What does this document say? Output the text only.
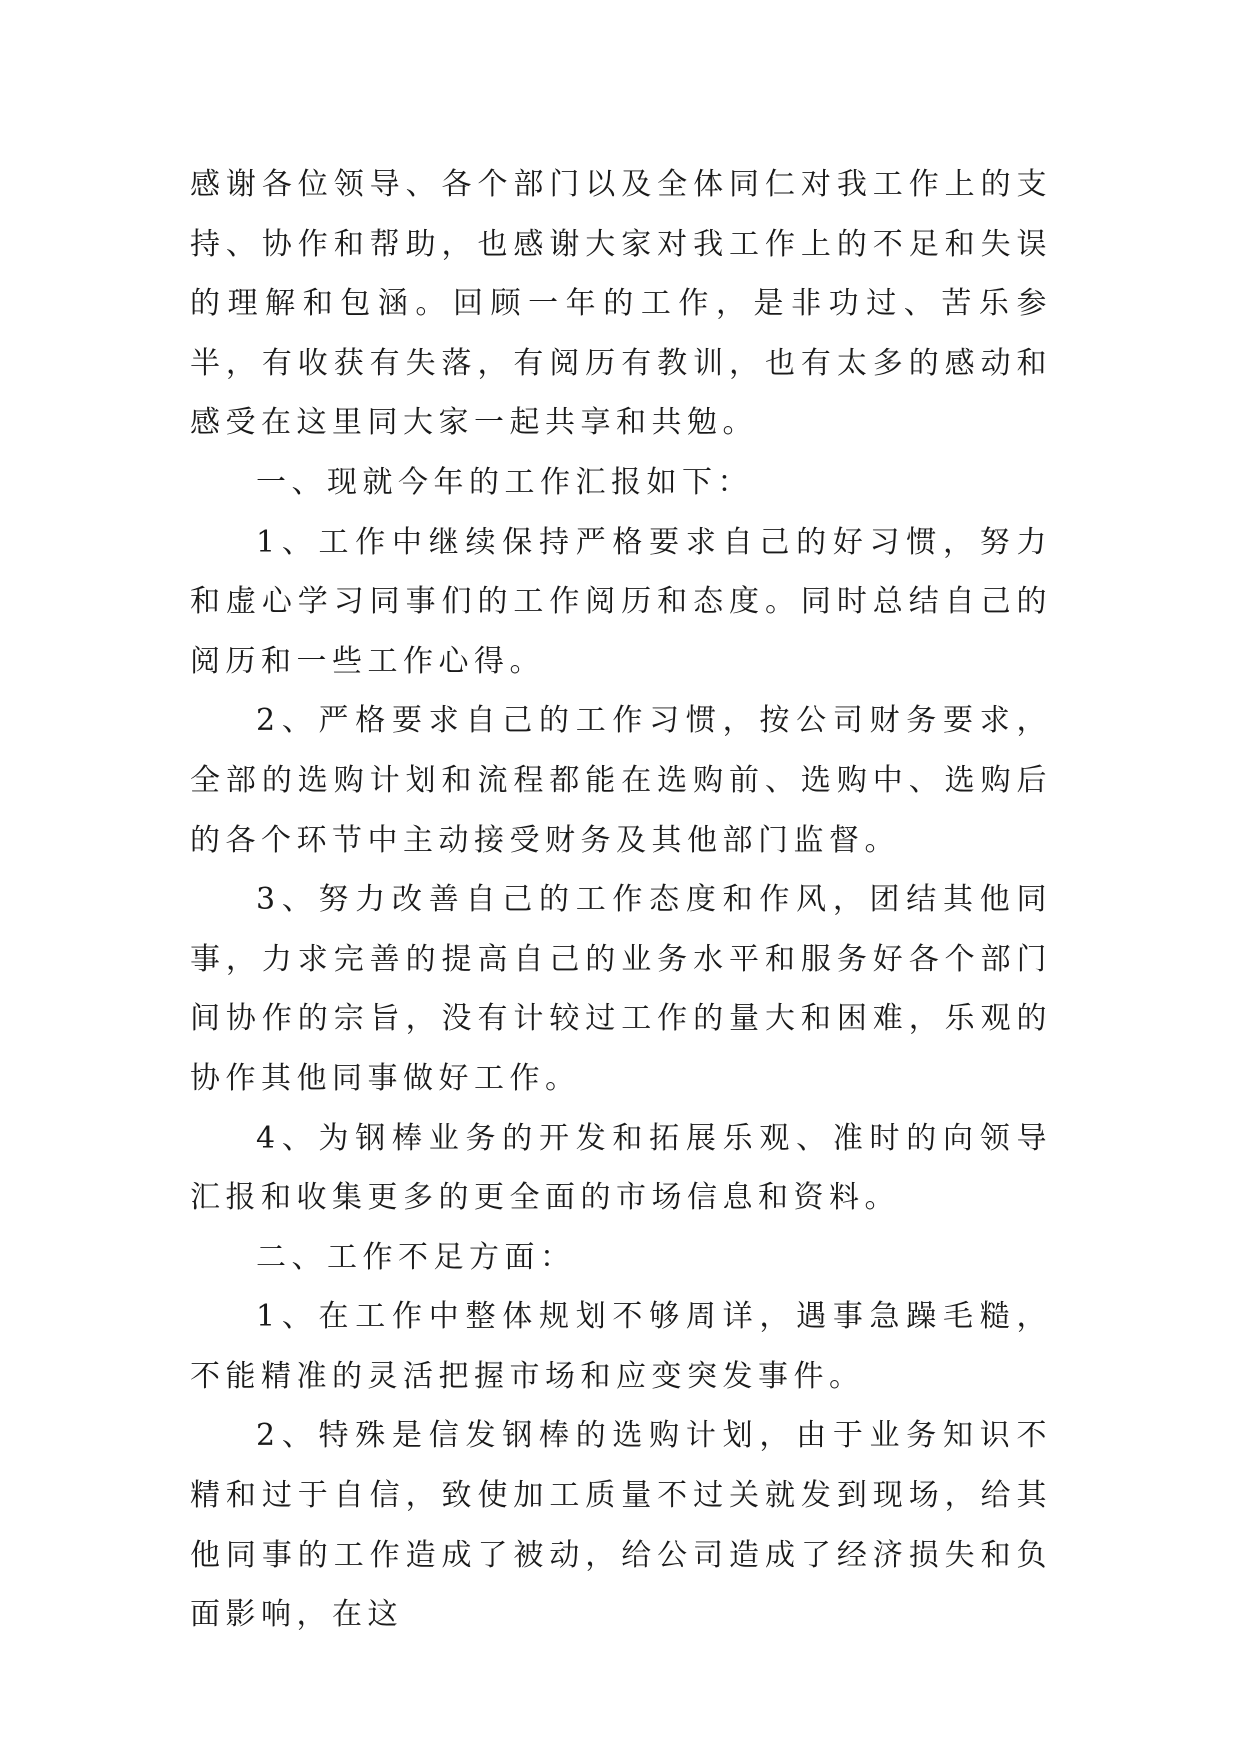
感谢各位领导、各个部门以及全体同仁对我工作上的支持、协作和帮助，也感谢大家对我工作上的不足和失误的理解和包涵。回顾一年的工作，是非功过、苦乐参半，有收获有失落，有阅历有教训，也有太多的感动和感受在这里同大家一起共享和共勉。

一、现就今年的工作汇报如下：

1、工作中继续保持严格要求自己的好习惯，努力和虚心学习同事们的工作阅历和态度。同时总结自己的阅历和一些工作心得。

2、严格要求自己的工作习惯，按公司财务要求，全部的选购计划和流程都能在选购前、选购中、选购后的各个环节中主动接受财务及其他部门监督。

3、努力改善自己的工作态度和作风，团结其他同事，力求完善的提高自己的业务水平和服务好各个部门间协作的宗旨，没有计较过工作的量大和困难，乐观的协作其他同事做好工作。

4、为钢棒业务的开发和拓展乐观、准时的向领导汇报和收集更多的更全面的市场信息和资料。

二、工作不足方面：

1、在工作中整体规划不够周详，遇事急躁毛糙，不能精准的灵活把握市场和应变突发事件。

2、特殊是信发钢棒的选购计划，由于业务知识不精和过于自信，致使加工质量不过关就发到现场，给其他同事的工作造成了被动，给公司造成了经济损失和负面影响，在这
